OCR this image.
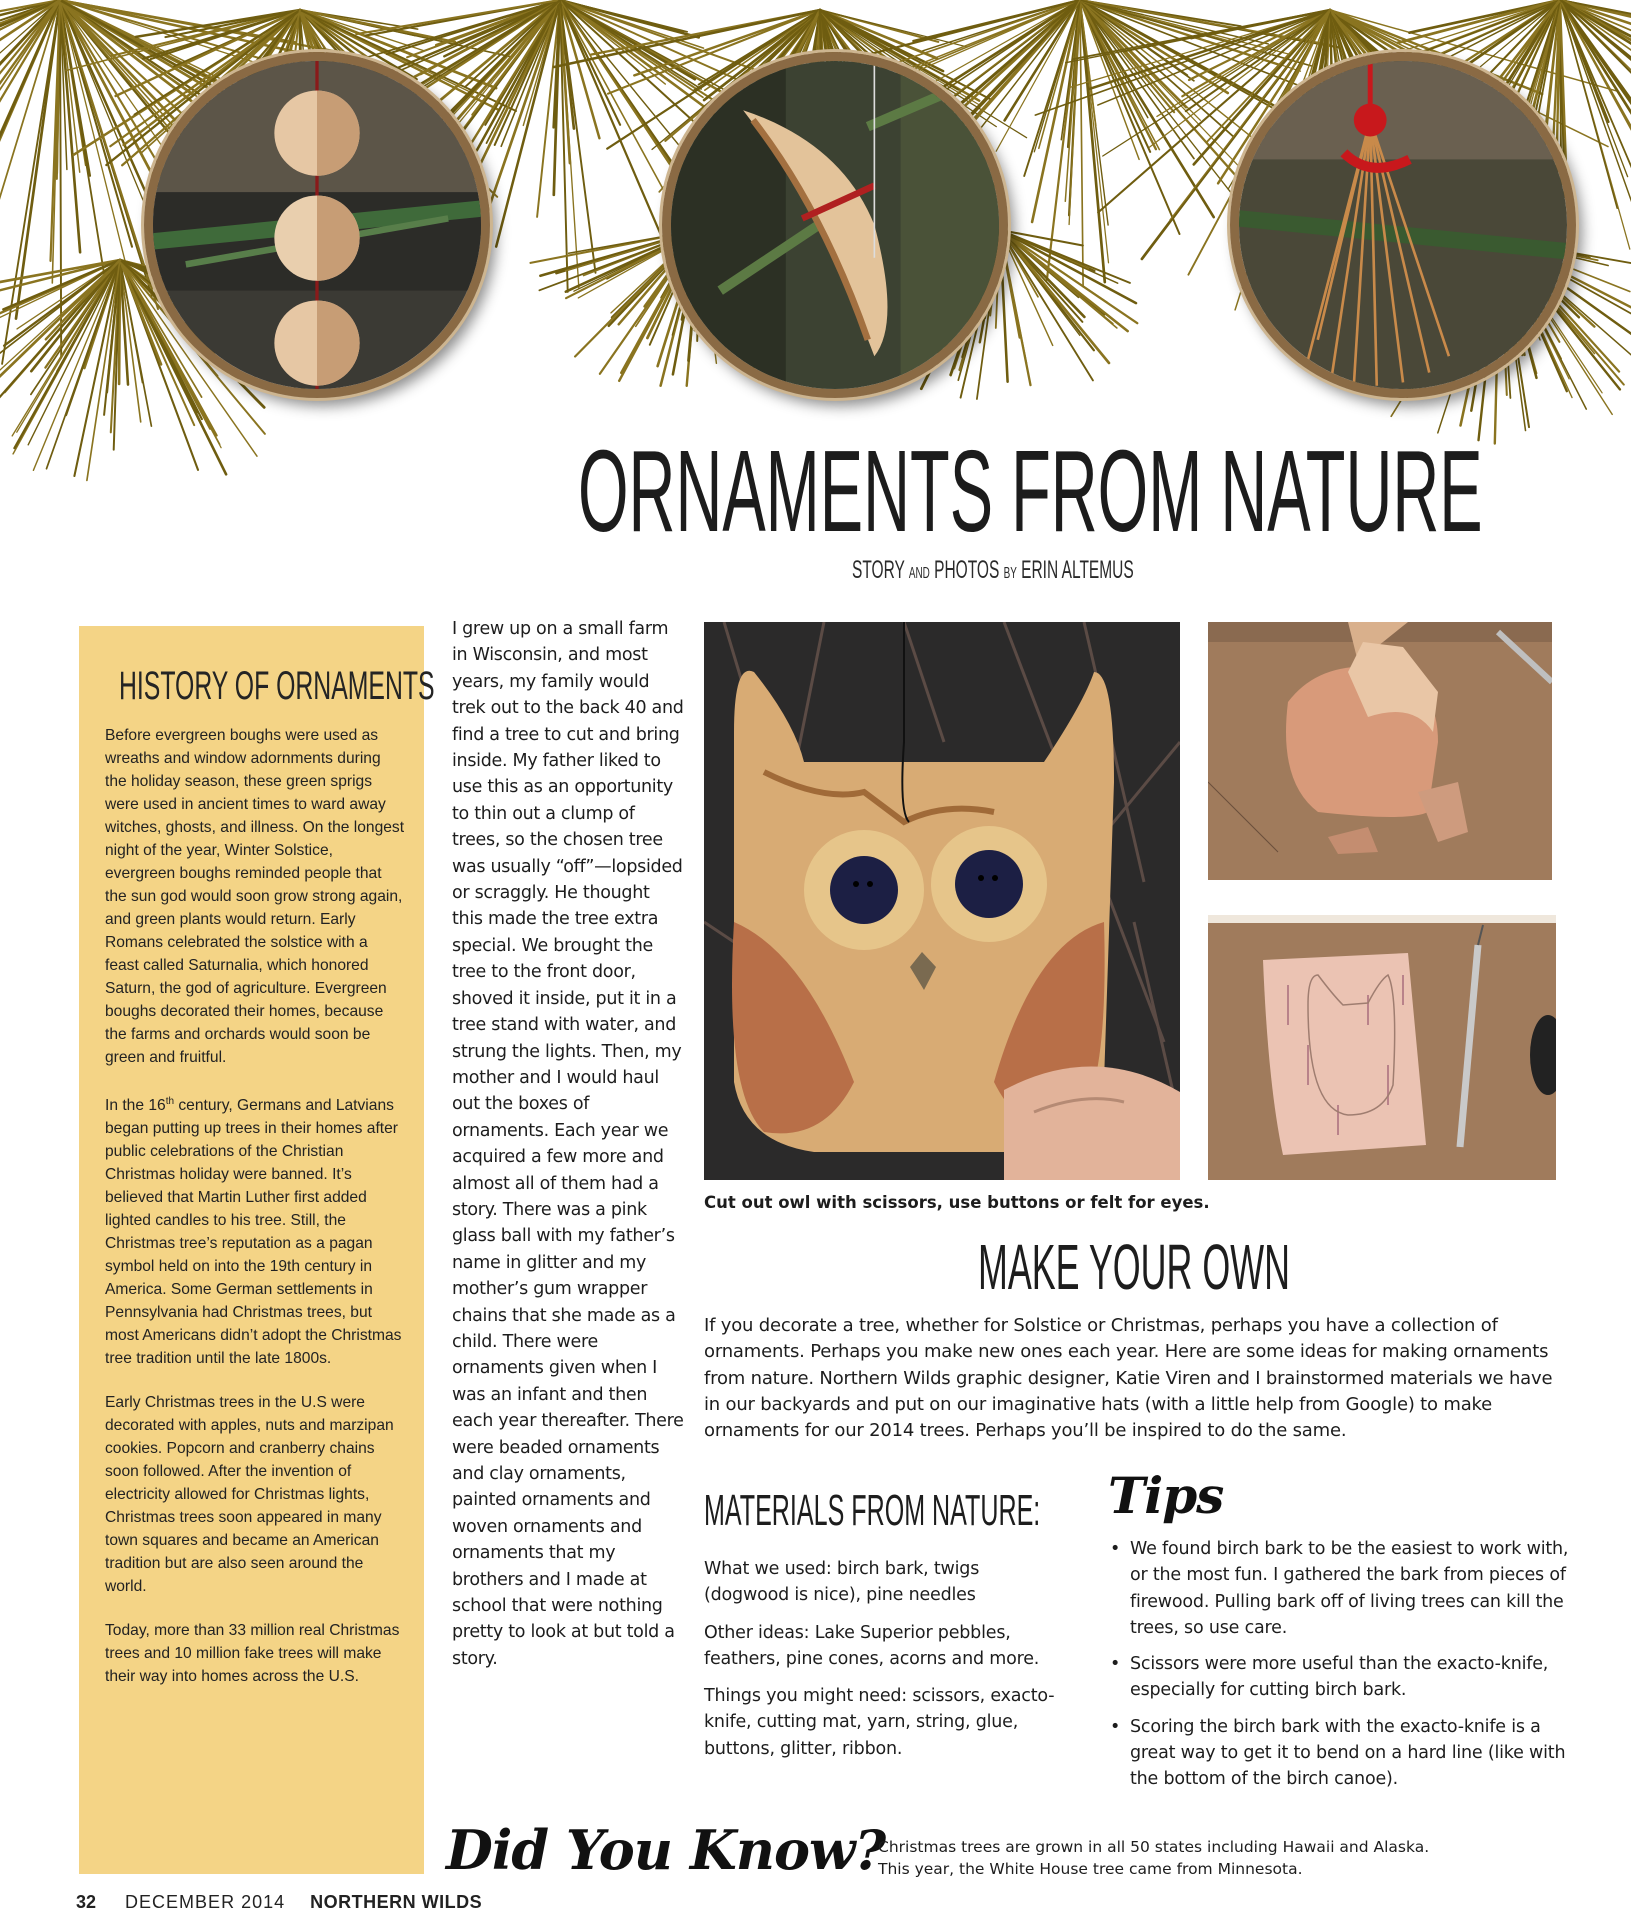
ORNAMENTS FROM NATURE
STORY AND PHOTOS BY ERIN ALTEMUS
HISTORY OF ORNAMENTS

Before evergreen boughs were used as wreaths and window adornments during the holiday season, these green sprigs were used in ancient times to ward away witches, ghosts, and illness. On the longest night of the year, Winter Solstice, evergreen boughs reminded people that the sun god would soon grow strong again, and green plants would return. Early Romans celebrated the solstice with a feast called Saturnalia, which honored Saturn, the god of agriculture. Evergreen boughs decorated their homes, because the farms and orchards would soon be green and fruitful.

In the 16th century, Germans and Latvians began putting up trees in their homes after public celebrations of the Christian Christmas holiday were banned. It’s believed that Martin Luther first added lighted candles to his tree. Still, the Christmas tree’s reputation as a pagan symbol held on into the 19th century in America. Some German settlements in Pennsylvania had Christmas trees, but most Americans didn’t adopt the Christmas tree tradition until the late 1800s.

Early Christmas trees in the U.S were decorated with apples, nuts and marzipan cookies. Popcorn and cranberry chains soon followed. After the invention of electricity allowed for Christmas lights, Christmas trees soon appeared in many town squares and became an American tradition but are also seen around the world.

Today, more than 33 million real Christmas trees and 10 million fake trees will make their way into homes across the U.S.

I grew up on a small farm in Wisconsin, and most years, my family would trek out to the back 40 and find a tree to cut and bring inside. My father liked to use this as an opportunity to thin out a clump of trees, so the chosen tree was usually “off”—lopsided or scraggly. He thought this made the tree extra special. We brought the tree to the front door, shoved it inside, put it in a tree stand with water, and strung the lights. Then, my mother and I would haul out the boxes of ornaments. Each year we acquired a few more and almost all of them had a story. There was a pink glass ball with my father’s name in glitter and my mother’s gum wrapper chains that she made as a child. There were ornaments given when I was an infant and then each year thereafter. There were beaded ornaments and clay ornaments, painted ornaments and woven ornaments and ornaments that my brothers and I made at school that were nothing pretty to look at but told a story.
Cut out owl with scissors, use buttons or felt for eyes.
MAKE YOUR OWN
If you decorate a tree, whether for Solstice or Christmas, perhaps you have a collection of ornaments. Perhaps you make new ones each year. Here are some ideas for making ornaments from nature. Northern Wilds graphic designer, Katie Viren and I brainstormed materials we have in our backyards and put on our imaginative hats (with a little help from Google) to make ornaments for our 2014 trees. Perhaps you’ll be inspired to do the same.
MATERIALS FROM NATURE:

What we used: birch bark, twigs (dogwood is nice), pine needles

Other ideas: Lake Superior pebbles, feathers, pine cones, acorns and more.

Things you might need: scissors, exacto-knife, cutting mat, yarn, string, glue, buttons, glitter, ribbon.

Tips
• We found birch bark to be the easiest to work with, or the most fun. I gathered the bark from pieces of firewood. Pulling bark off of living trees can kill the trees, so use care.
• Scissors were more useful than the exacto-knife, especially for cutting birch bark.
• Scoring the birch bark with the exacto-knife is a great way to get it to bend on a hard line (like with the bottom of the birch canoe).
Did You Know?
Christmas trees are grown in all 50 states including Hawaii and Alaska.
This year, the White House tree came from Minnesota.
32 DECEMBER 2014 NORTHERN WILDS
